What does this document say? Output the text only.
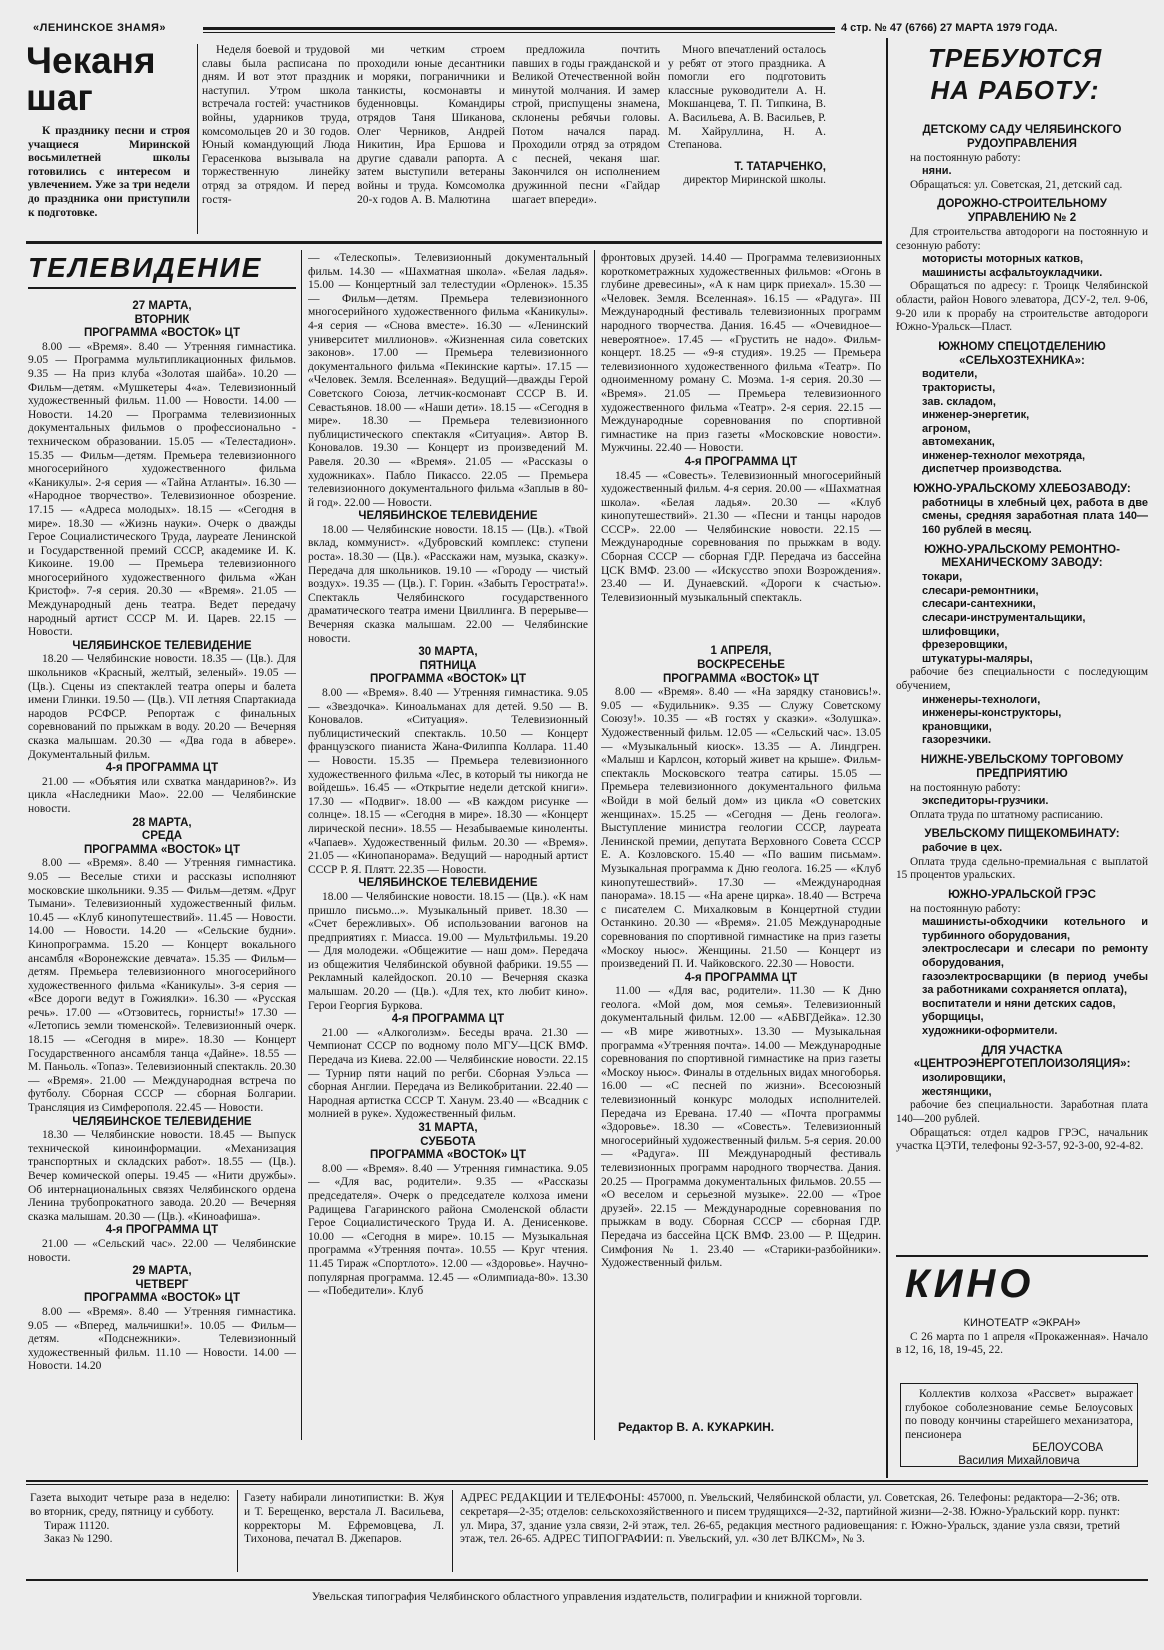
«ЛЕНИНСКОЕ ЗНАМЯ»	4 стр. № 47 (6766) 27 МАРТА 1979 ГОДА.
Чеканя
шаг

К празднику песни и строя учащиеся Миринской восьмилетней школы готовились с интересом и увлечением. Уже за три недели до праздника они приступили к подготовке.

Неделя боевой и трудовой славы была расписана по дням. И вот этот праздник наступил. Утром школа встречала гостей: участников войны, ударников труда, комсомольцев 20 и 30 годов. Юный командующий Люда Герасенкова вызывала на торжественную линейку отряд за отрядом. И перед гостя-

ми четким строем проходили юные десантники и моряки, пограничники и танкисты, космонавты и буденновцы. Командиры отрядов Таня Шиканова, Олег Черников, Андрей Никитин, Ира Ершова и другие сдавали рапорта. А затем выступили ветераны войны и труда. Комсомолка 20-х годов А. В. Малютина

предложила почтить павших в годы гражданской и Великой Отечественной войн минутой молчания. И замер строй, приспущены знамена, склонены ребячьи головы. Потом начался парад. Проходили отряд за отрядом с песней, чеканя шаг. Закончился он исполнением дружинной песни «Гайдар шагает впереди».

Много впечатлений осталось у ребят от этого праздника. А помогли его подготовить классные руководители А. Н. Мокшанцева, Т. П. Типкина, В. А. Васильева, А. В. Васильев, Р. М. Хайруллина, Н. А. Степанова.

Т. ТАТАРЧЕНКО,
директор Миринской школы.
ТЕЛЕВИДЕНИЕ
27 МАРТА,
ВТОРНИК
ПРОГРАММА «ВОСТОК» ЦТ

8.00 — «Время». 8.40 — Утренняя гимнастика. 9.05 — Программа мультипликационных фильмов. 9.35 — На приз клуба «Золотая шайба». 10.20 — Фильм—детям. «Мушкетеры 4«а». Телевизионный художественный фильм. 11.00 — Новости. 14.00 — Новости. 14.20 — Программа телевизионных документальных фильмов о профессионально - техническом образовании. 15.05 — «Телестадион». 15.35 — Фильм—детям. Премьера телевизионного многосерийного художественного фильма «Каникулы». 2-я серия — «Тайна Атланты». 16.30 — «Народное творчество». Телевизионное обозрение. 17.15 — «Адреса молодых». 18.15 — «Сегодня в мире». 18.30 — «Жизнь науки». Очерк о дважды Герое Социалистического Труда, лауреате Ленинской и Государственной премий СССР, академике И. К. Кикоине. 19.00 — Премьера телевизионного многосерийного художественного фильма «Жан Кристоф». 7-я серия. 20.30 — «Время». 21.05 — Международный день театра. Ведет передачу народный артист СССР М. И. Царев. 22.15 — Новости.

ЧЕЛЯБИНСКОЕ ТЕЛЕВИДЕНИЕ

18.20 — Челябинские новости. 18.35 — (Цв.). Для школьников «Красный, желтый, зеленый». 19.05 — (Цв.). Сцены из спектаклей театра оперы и балета имени Глинки. 19.50 — (Цв.). VII летняя Спартакиада народов РСФСР. Репортаж с финальных соревнований по прыжкам в воду. 20.20 — Вечерняя сказка малышам. 20.30 — «Два года в абвере». Документальный фильм.

4-я ПРОГРАММА ЦТ

21.00 — «Объятия или схватка мандаринов?». Из цикла «Наследники Мао». 22.00 — Челябинские новости.

28 МАРТА,
СРЕДА
ПРОГРАММА «ВОСТОК» ЦТ

8.00 — «Время». 8.40 — Утренняя гимнастика. 9.05 — Веселые стихи и рассказы исполняют московские школьники. 9.35 — Фильм—детям. «Друг Тымани». Телевизионный художественный фильм. 10.45 — «Клуб кинопутешествий». 11.45 — Новости. 14.00 — Новости. 14.20 — «Сельские будни». Кинопрограмма. 15.20 — Концерт вокального ансамбля «Воронежские девчата». 15.35 — Фильм—детям. Премьера телевизионного многосерийного художественного фильма «Каникулы». 3-я серия — «Все дороги ведут в Гожиялки». 16.30 — «Русская речь». 17.00 — «Отзовитесь, горнисты!» 17.30 — «Летопись земли тюменской». Телевизионный очерк. 18.15 — «Сегодня в мире». 18.30 — Концерт Государственного ансамбля танца «Дайне». 18.55 — М. Паньоль. «Топаз». Телевизионный спектакль. 20.30 — «Время». 21.00 — Международная встреча по футболу. Сборная СССР — сборная Болгарии. Трансляция из Симферополя. 22.45 — Новости.

ЧЕЛЯБИНСКОЕ ТЕЛЕВИДЕНИЕ

18.30 — Челябинские новости. 18.45 — Выпуск технической кинoинформации. «Механизация транспортных и складских работ». 18.55 — (Цв.). Вечер комической оперы. 19.45 — «Нити дружбы». Об интернациональных связях Челябинского ордена Ленина трубопрокатного завода. 20.20 — Вечерняя сказка малышам. 20.30 — (Цв.). «Киноафиша».

4-я ПРОГРАММА ЦТ

21.00 — «Сельский час». 22.00 — Челябинские новости.

29 МАРТА,
ЧЕТВЕРГ
ПРОГРАММА «ВОСТОК» ЦТ

8.00 — «Время». 8.40 — Утренняя гимнастика. 9.05 — «Вперед, мальчишки!». 10.05 — Фильм—детям. «Подснежники». Телевизионный художественный фильм. 11.10 — Новости. 14.00 — Новости. 14.20

— «Телескопы». Телевизионный документальный фильм. 14.30 — «Шахматная школа». «Белая ладья». 15.00 — Концертный зал телестудии «Орленок». 15.35 — Фильм—детям. Премьера телевизионного многосерийного художественного фильма «Каникулы». 4-я серия — «Снова вместе». 16.30 — «Ленинский университет миллионов». «Жизненная сила советских законов». 17.00 — Премьера телевизионного документального фильма «Пекинские карты». 17.15 — «Человек. Земля. Вселенная». Ведущий—дважды Герой Советского Союза, летчик-космонавт СССР В. И. Севастьянов. 18.00 — «Наши дети». 18.15 — «Сегодня в мире». 18.30 — Премьера телевизионного публицистического спектакля «Ситуация». Автор В. Коновалов. 19.30 — Концерт из произведений М. Равеля. 20.30 — «Время». 21.05 — «Рассказы о художниках». Пабло Пикассо. 22.05 — Премьера телевизионного документального фильма «Заплыв в 80-й год». 22.00 — Новости.

ЧЕЛЯБИНСКОЕ ТЕЛЕВИДЕНИЕ

18.00 — Челябинские новости. 18.15 — (Цв.). «Твой вклад, коммунист». «Дубровский комплекс: ступени роста». 18.30 — (Цв.). «Расскажи нам, музыка, сказку». Передача для школьников. 19.10 — «Городу — чистый воздух». 19.35 — (Цв.). Г. Горин. «Забыть Герострата!». Спектакль Челябинского государственного драматического театра имени Цвиллинга. В перерыве—Вечерняя сказка малышам. 22.00 — Челябинские новости.

30 МАРТА,
ПЯТНИЦА
ПРОГРАММА «ВОСТОК» ЦТ

8.00 — «Время». 8.40 — Утренняя гимнастика. 9.05 — «Звездочка». Киноальманах для детей. 9.50 — В. Коновалов. «Ситуация». Телевизионный публицистический спектакль. 10.50 — Концерт французского пианиста Жана-Филиппа Коллара. 11.40 — Новости. 15.35 — Премьера телевизионного художественного фильма «Лес, в который ты никогда не войдешь». 16.45 — «Открытие недели детской книги». 17.30 — «Подвиг». 18.00 — «В каждом рисунке — солнце». 18.15 — «Сегодня в мире». 18.30 — «Концерт лирической песни». 18.55 — Незабываемые киноленты. «Чапаев». Художественный фильм. 20.30 — «Время». 21.05 — «Кинопанорама». Ведущий — народный артист СССР Р. Я. Плятт. 22.35 — Новости.

ЧЕЛЯБИНСКОЕ ТЕЛЕВИДЕНИЕ

18.00 — Челябинские новости. 18.15 — (Цв.). «К нам пришло письмо...». Музыкальный привет. 18.30 — «Счет бережливых». Об использовании вагонов на предприятиях г. Миасса. 19.00 — Мультфильмы. 19.20 — Для молодежи. «Общежитие — наш дом». Передача из общежития Челябинской обувной фабрики. 19.55 — Рекламный калейдоскоп. 20.10 — Вечерняя сказка малышам. 20.20 — (Цв.). «Для тех, кто любит кино». Герои Георгия Буркова.

4-я ПРОГРАММА ЦТ

21.00 — «Алкоголизм». Беседы врача. 21.30 — Чемпионат СССР по водному поло МГУ—ЦСК ВМФ. Передача из Киева. 22.00 — Челябинские новости. 22.15 — Турнир пяти наций по регби. Сборная Уэльса — сборная Англии. Передача из Великобритании. 22.40 — Народная артистка СССР Т. Ханум. 23.40 — «Всадник с молнией в руке». Художественный фильм.

31 МАРТА,
СУББОТА
ПРОГРАММА «ВОСТОК» ЦТ

8.00 — «Время». 8.40 — Утренняя гимнастика. 9.05 — «Для вас, родители». 9.35 — «Рассказы председателя». Очерк о председателе колхоза имени Радищева Гагаринского района Смоленской области Герое Социалистического Труда И. А. Денисенкове. 10.00 — «Сегодня в мире». 10.15 — Музыкальная программа «Утренняя почта». 10.55 — Круг чтения. 11.45 Тираж «Спортлото». 12.00 — «Здоровье». Научно-популярная программа. 12.45 — «Олимпиада-80». 13.30 — «Победители». Клуб

фронтовых друзей. 14.40 — Программа телевизионных короткометражных художественных фильмов: «Огонь в глубине древесины», «А к нам цирк приехал». 15.30 — «Человек. Земля. Вселенная». 16.15 — «Радуга». III Международный фестиваль телевизионных программ народного творчества. Дания. 16.45 — «Очевидное—невероятное». 17.45 — «Грустить не надо». Фильм-концерт. 18.25 — «9-я студия». 19.25 — Премьера телевизионного художественного фильма «Театр». По одноименному роману С. Моэма. 1-я серия. 20.30 — «Время». 21.05 — Премьера телевизионного художественного фильма «Театр». 2-я серия. 22.15 — Международные соревнования по спортивной гимнастике на приз газеты «Московские новости». Мужчины. 22.40 — Новости.

4-я ПРОГРАММА ЦТ

18.45 — «Совесть». Телевизионный многосерийный художественный фильм. 4-я серия. 20.00 — «Шахматная школа». «Белая ладья». 20.30 — «Клуб кинопутешествий». 21.30 — «Песни и танцы народов СССР». 22.00 — Челябинские новости. 22.15 — Международные соревнования по прыжкам в воду. Сборная СССР — сборная ГДР. Передача из бассейна ЦСК ВМФ. 23.00 — «Искусство эпохи Возрождения». 23.40 — И. Дунаевский. «Дороги к счастью». Телевизионный музыкальный спектакль.

1 АПРЕЛЯ,
ВОСКРЕСЕНЬЕ
ПРОГРАММА «ВОСТОК» ЦТ

8.00 — «Время». 8.40 — «На зарядку становись!». 9.05 — «Будильник». 9.35 — Служу Советскому Союзу!». 10.35 — «В гостях у сказки». «Золушка». Художественный фильм. 12.05 — «Сельский час». 13.05 — «Музыкальный киоск». 13.35 — А. Линдгрен. «Малыш и Карлсон, который живет на крыше». Фильм-спектакль Московского театра сатиры. 15.05 — Премьера телевизионного документального фильма «Войди в мой белый дом» из цикла «О советских женщинах». 15.25 — «Сегодня — День геолога». Выступление министра геологии СССР, лауреата Ленинской премии, депутата Верховного Совета СССР Е. А. Козловского. 15.40 — «По вашим письмам». Музыкальная программа к Дню геолога. 16.25 — «Клуб кинопутешествий». 17.30 — «Международная панорама». 18.15 — «На арене цирка». 18.40 — Встреча с писателем С. Михалковым в Концертной студии Останкино. 20.30 — «Время». 21.05 Международные соревнования по спортивной гимнастике на приз газеты «Москоу ньюс». Женщины. 21.50 — Концерт из произведений П. И. Чайковского. 22.30 — Новости.

4-я ПРОГРАММА ЦТ

11.00 — «Для вас, родители». 11.30 — К Дню геолога. «Мой дом, моя семья». Телевизионный документальный фильм. 12.00 — «АБВГДейка». 12.30 — «В мире животных». 13.30 — Музыкальная программа «Утренняя почта». 14.00 — Международные соревнования по спортивной гимнастике на приз газеты «Москоу ньюс». Финалы в отдельных видах многоборья. 16.00 — «С песней по жизни». Всесоюзный телевизионный конкурс молодых исполнителей. Передача из Еревана. 17.40 — «Почта программы «Здоровье». 18.30 — «Совесть». Телевизионный многосерийный художественный фильм. 5-я серия. 20.00 — «Радуга». III Международный фестиваль телевизионных программ народного творчества. Дания. 20.25 — Программа документальных фильмов. 20.55 — «О веселом и серьезной музыке». 22.00 — «Трое друзей». 22.15 — Международные соревнования по прыжкам в воду. Сборная СССР — сборная ГДР. Передача из бассейна ЦСК ВМФ. 23.00 — Р. Щедрин. Симфония № 1. 23.40 — «Старики-разбойники». Художественный фильм.

Редактор В. А. КУКАРКИН.
ТРЕБУЮТСЯ НА РАБОТУ:
ДЕТСКОМУ САДУ ЧЕЛЯБИНСКОГО РУДОУПРАВЛЕНИЯ
на постоянную работу:
няни.
Обращаться: ул. Советская, 21, детский сад.
ДОРОЖНО-СТРОИТЕЛЬНОМУ УПРАВЛЕНИЮ № 2
Для строительства автодороги на постоянную и сезонную работу:
мотористы моторных катков,
машинисты асфальтоукладчики.
Обращаться по адресу: г. Троицк Челябинской области, район Нового элеватора, ДСУ-2, тел. 9-06, 9-20 или к прорабу на строительстве автодороги Южно-Уральск—Пласт.
ЮЖНОМУ СПЕЦОТДЕЛЕНИЮ «СЕЛЬХОЗТЕХНИКА»:
водители,
трактористы,
зав. складом,
инженер-энергетик,
агроном,
автомеханик,
инженер-технолог мехотряда,
диспетчер производства.
ЮЖНО-УРАЛЬСКОМУ ХЛЕБОЗАВОДУ:
работницы в хлебный цех, работа в две смены, средняя заработная плата 140—160 рублей в месяц.
ЮЖНО-УРАЛЬСКОМУ РЕМОНТНО-МЕХАНИЧЕСКОМУ ЗАВОДУ:
токари,
слесари-ремонтники,
слесари-сантехники,
слесари-инструментальщики,
шлифовщики,
фрезеровщики,
штукатуры-маляры,
рабочие без специальности с последующим обучением,
инженеры-технологи,
инженеры-конструкторы,
крановщики,
газорезчики.
НИЖНЕ-УВЕЛЬСКОМУ ТОРГОВОМУ ПРЕДПРИЯТИЮ
на постоянную работу:
экспедиторы-грузчики.
Оплата труда по штатному расписанию.
УВЕЛЬСКОМУ ПИЩЕКОМБИНАТУ:
рабочие в цех.
Оплата труда сдельно-премиальная с выплатой 15 процентов уральских.
ЮЖНО-УРАЛЬСКОЙ ГРЭС
на постоянную работу:
машинисты-обходчики котельного и турбинного оборудования,
электрослесари и слесари по ремонту оборудования,
газоэлектросварщики (в период учебы за работниками сохраняется оплата),
воспитатели и няни детских садов,
уборщицы,
художники-оформители.
ДЛЯ УЧАСТКА «ЦЕНТРОЭНЕРГОТЕПЛОИЗОЛЯЦИЯ»:
изолировщики,
жестянщики,
рабочие без специальности. Заработная плата 140—200 рублей.
Обращаться: отдел кадров ГРЭС, начальник участка ЦЭТИ, телефоны 92-3-57, 92-3-00, 92-4-82.
КИНО
КИНОТЕАТР «ЭКРАН»

С 26 марта по 1 апреля «Прокаженная». Начало в 12, 16, 18, 19-45, 22.

Коллектив колхоза «Рассвет» выражает глубокое соболезнование семье Белоусовых по поводу кончины старейшего механизатора, пенсионера
БЕЛОУСОВА
Василия Михайловича
Газета выходит четыре раза в неделю: во вторник, среду, пятницу и субботу.
Тираж 11120.
Заказ № 1290.
Газету набирали линотипистки: В. Жуя и Т. Берещенко, верстала Л. Васильева, корректоры М. Ефремовцева, Л. Тихонова, печатал В. Джепаров.
АДРЕС РЕДАКЦИИ И ТЕЛЕФОНЫ: 457000, п. Увельский, Челябинской области, ул. Советская, 26. Телефоны: редактора—2-36; отв. секретаря—2-35; отделов: сельскохозяйственного и писем трудящихся—2-32, партийной жизни—2-38. Южно-Уральский корр. пункт: ул. Мира, 37, здание узла связи, 2-й этаж, тел. 26-65, редакция местного радиовещания: г. Южно-Уральск, здание узла связи, третий этаж, тел. 26-65. АДРЕС ТИПОГРАФИИ: п. Увельский, ул. «30 лет ВЛКСМ», № 3.
Увельская типография Челябинского областного управления издательств, полиграфии и книжной торговли.
